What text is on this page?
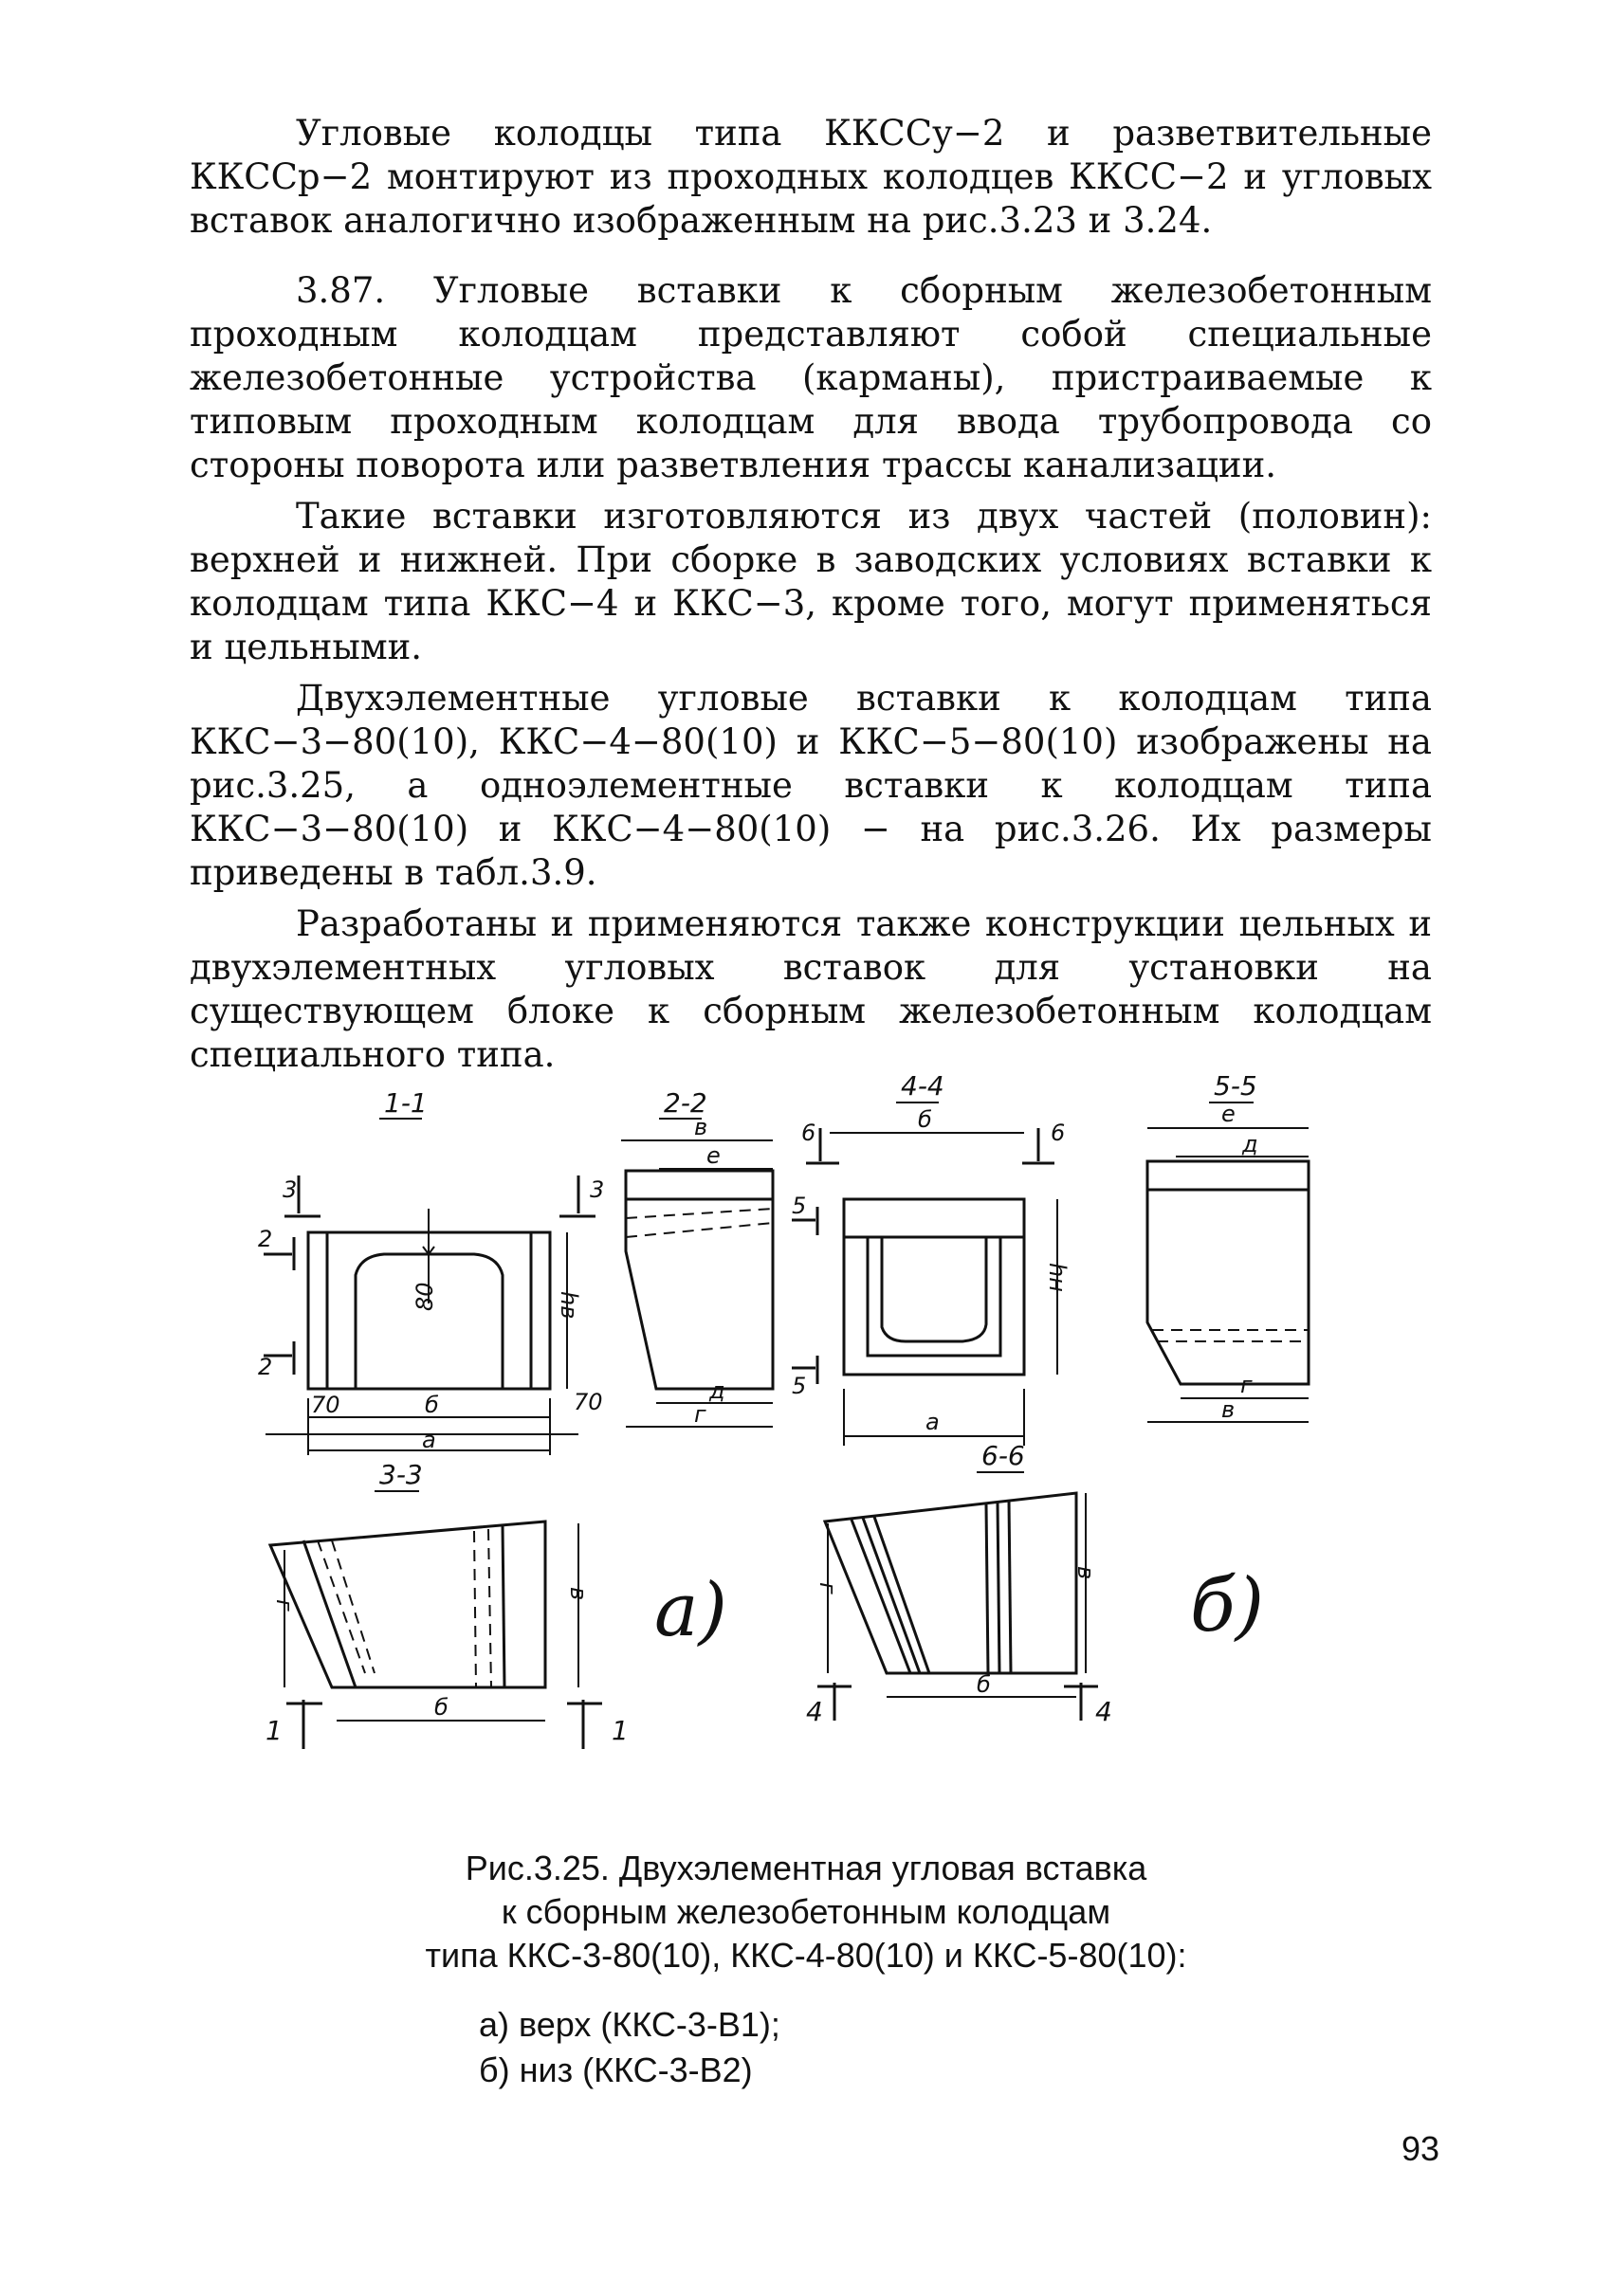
Угловые колодцы типа ККССу−2 и разветвительные ККССр−2 монтируют из проходных колодцев ККСС−2 и угловых вставок аналогично изображенным на рис.3.23 и 3.24.

3.87. Угловые вставки к сборным железобетонным проходным колодцам представляют собой специальные железобетонные устройства (карманы), пристраиваемые к типовым проходным колодцам для ввода трубопровода со стороны поворота или разветвления трассы канализации.

Такие вставки изготовляются из двух частей (половин): верхней и нижней. При сборке в заводских условиях вставки к колодцам типа ККС−4 и ККС−3, кроме того, могут применяться и цельными.

Двухэлементные угловые вставки к колодцам типа ККС−3−80(10), ККС−4−80(10) и ККС−5−80(10) изображены на рис.3.25, а одноэлементные вставки к колодцам типа ККС−3−80(10) и ККС−4−80(10) − на рис.3.26. Их размеры приведены в табл.3.9.

Разработаны и применяются также конструкции цельных и двухэлементных угловых вставок для установки на существующем блоке к сборным железобетонным колодцам специального типа.

1-1
3	3
2
2
80	hв
70	б	70
а
2-2
в
е
д
г
4-4
б
6	6
5
hн
5
а
5-5
е
д
г
в
3-3
г
в
1	1
б
а)
6-6
г
в
4	4
б
б)
Рис.3.25. Двухэлементная угловая вставка
к сборным железобетонным колодцам
типа ККС-3-80(10), ККС-4-80(10) и ККС-5-80(10):
а) верх (ККС-3-В1);
б) низ (ККС-3-В2)
93
